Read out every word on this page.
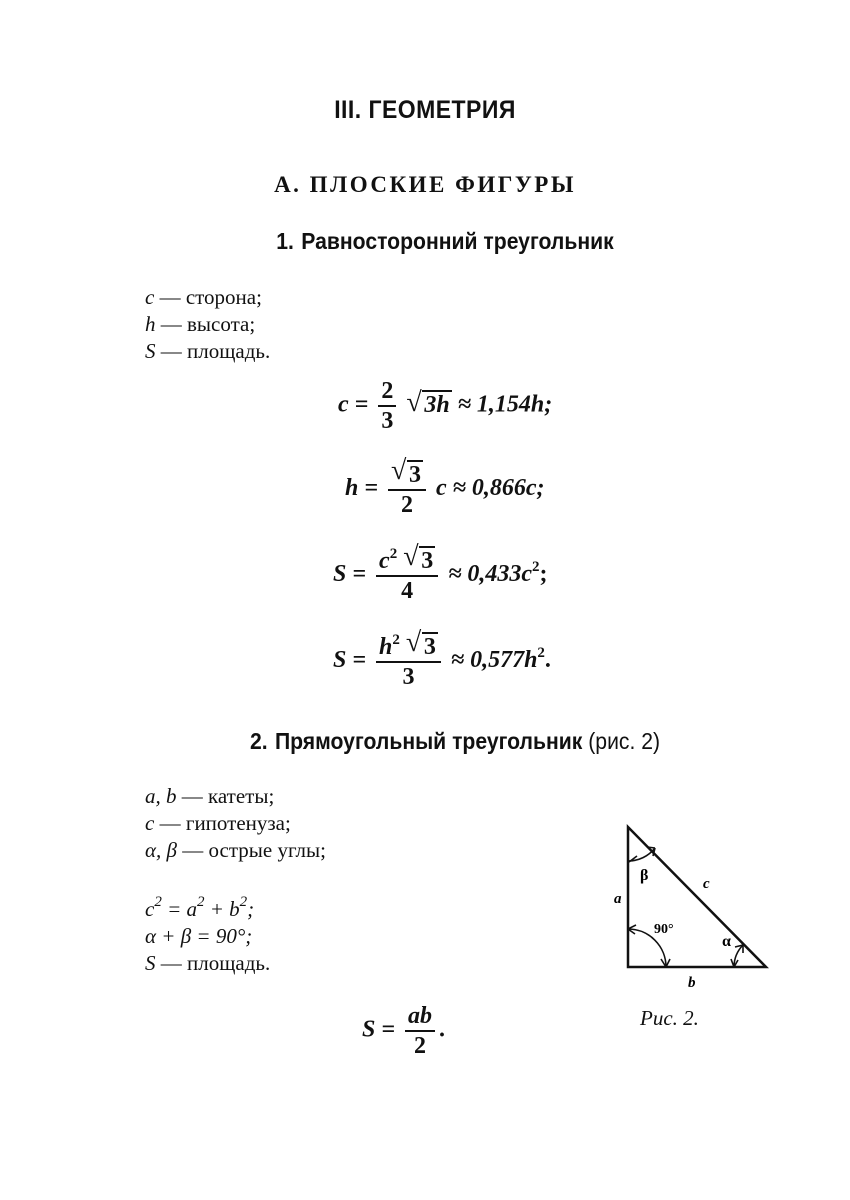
III. ГЕОМЕТРИЯ
А. ПЛОСКИЕ ФИГУРЫ
1. Равносторонний треугольник
c — сторона;
h — высота;
S — площадь.
$c = \frac{2}{3}$
√ 3h ≈ 1,154h;
$h = \frac{√ 3}{2}$ c ≈ 0,866c;
$S = \frac{c^2 √ 3}{4} \approx 0,433c^2$;
$S = \frac{h^2 √ 3}{3} \approx 0,577h^2$.
2. Прямоугольный треугольник (рис. 2)
a, b — катеты;
c — гипотенуза;
α, β — острые углы;
$c^2 = a^2 + b^2$;
α + β = 90°;
S — площадь.
$S = \frac{ab}{2}$ .
a
b
c
β
90°
α
Рис. 2.
